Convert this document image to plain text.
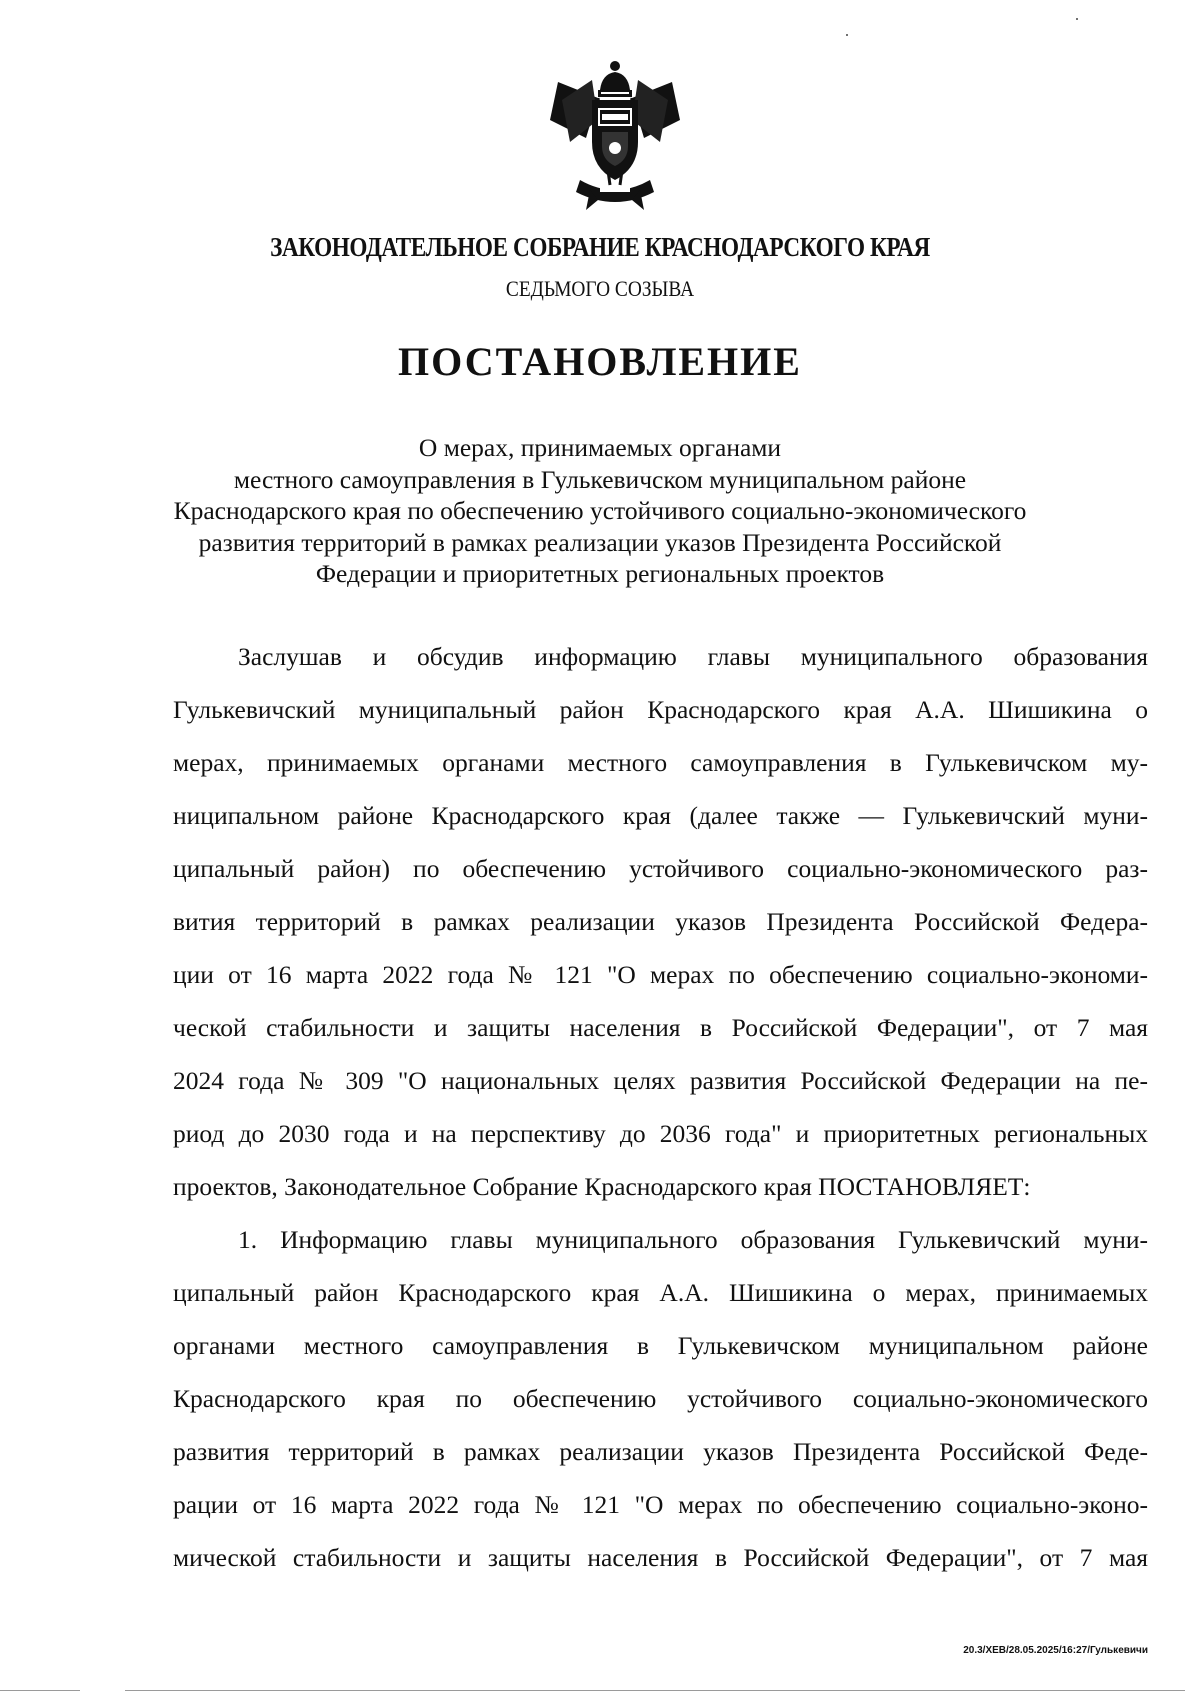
ЗАКОНОДАТЕЛЬНОЕ СОБРАНИЕ КРАСНОДАРСКОГО КРАЯ
СЕДЬМОГО СОЗЫВА
ПОСТАНОВЛЕНИЕ
О мерах, принимаемых органами
местного самоуправления в Гулькевичском муниципальном районе
Краснодарского края по обеспечению устойчивого социально-экономического
развития территорий в рамках реализации указов Президента Российской
Федерации и приоритетных региональных проектов
Заслушав и обсудив информацию главы муниципального образования
Гулькевичский муниципальный район Краснодарского края А.А. Шишикина о
мерах, принимаемых органами местного самоуправления в Гулькевичском му-
ниципальном районе Краснодарского края (далее также — Гулькевичский муни-
ципальный район) по обеспечению устойчивого социально-экономического раз-
вития территорий в рамках реализации указов Президента Российской Федера-
ции от 16 марта 2022 года № 121 "О мерах по обеспечению социально-экономи-
ческой стабильности и защиты населения в Российской Федерации", от 7 мая
2024 года № 309 "О национальных целях развития Российской Федерации на пе-
риод до 2030 года и на перспективу до 2036 года" и приоритетных региональных
проектов, Законодательное Собрание Краснодарского края ПОСТАНОВЛЯЕТ:
1. Информацию главы муниципального образования Гулькевичский муни-
ципальный район Краснодарского края А.А. Шишикина о мерах, принимаемых
органами местного самоуправления в Гулькевичском муниципальном районе
Краснодарского края по обеспечению устойчивого социально-экономического
развития территорий в рамках реализации указов Президента Российской Феде-
рации от 16 марта 2022 года № 121 "О мерах по обеспечению социально-эконо-
мической стабильности и защиты населения в Российской Федерации", от 7 мая
20.3/ХЕВ/28.05.2025/16:27/Гулькевичи
